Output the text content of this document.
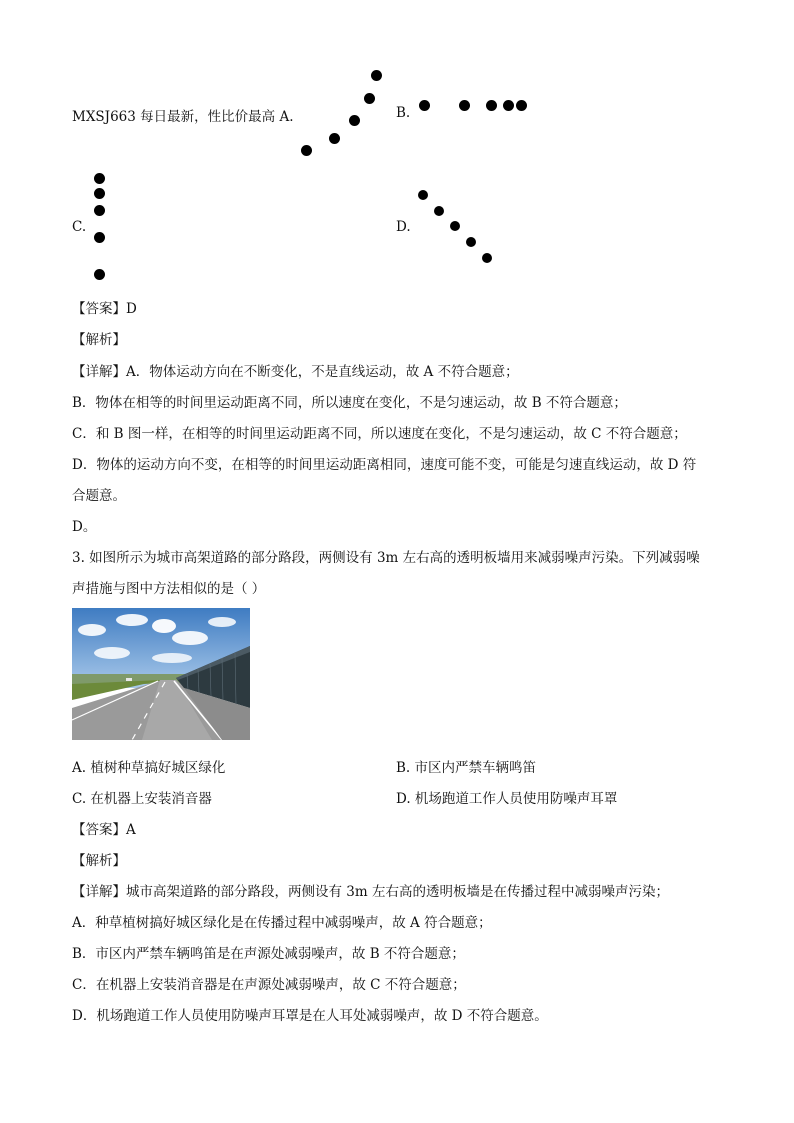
MXSJ663 每日最新，性比价最高 A.	B.
C.	D.
【答案】D
【解析】
【详解】A．物体运动方向在不断变化，不是直线运动，故 A 不符合题意；
B．物体在相等的时间里运动距离不同，所以速度在变化，不是匀速运动，故 B 不符合题意；
C．和 B 图一样，在相等的时间里运动距离不同，所以速度在变化，不是匀速运动，故 C 不符合题意；
D．物体的运动方向不变，在相等的时间里运动距离相同，速度可能不变，可能是匀速直线运动，故 D 符
合题意。
D。
3. 如图所示为城市高架道路的部分路段，两侧设有 3m 左右高的透明板墙用来减弱噪声污染。下列减弱噪
声措施与图中方法相似的是（ ）
A. 植树种草搞好城区绿化	B. 市区内严禁车辆鸣笛
C. 在机器上安装消音器	D. 机场跑道工作人员使用防噪声耳罩
【答案】A
【解析】
【详解】城市高架道路的部分路段，两侧设有 3m 左右高的透明板墙是在传播过程中减弱噪声污染；
A．种草植树搞好城区绿化是在传播过程中减弱噪声，故 A 符合题意；
B．市区内严禁车辆鸣笛是在声源处减弱噪声，故 B 不符合题意；
C．在机器上安装消音器是在声源处减弱噪声，故 C 不符合题意；
D．机场跑道工作人员使用防噪声耳罩是在人耳处减弱噪声，故 D 不符合题意。
